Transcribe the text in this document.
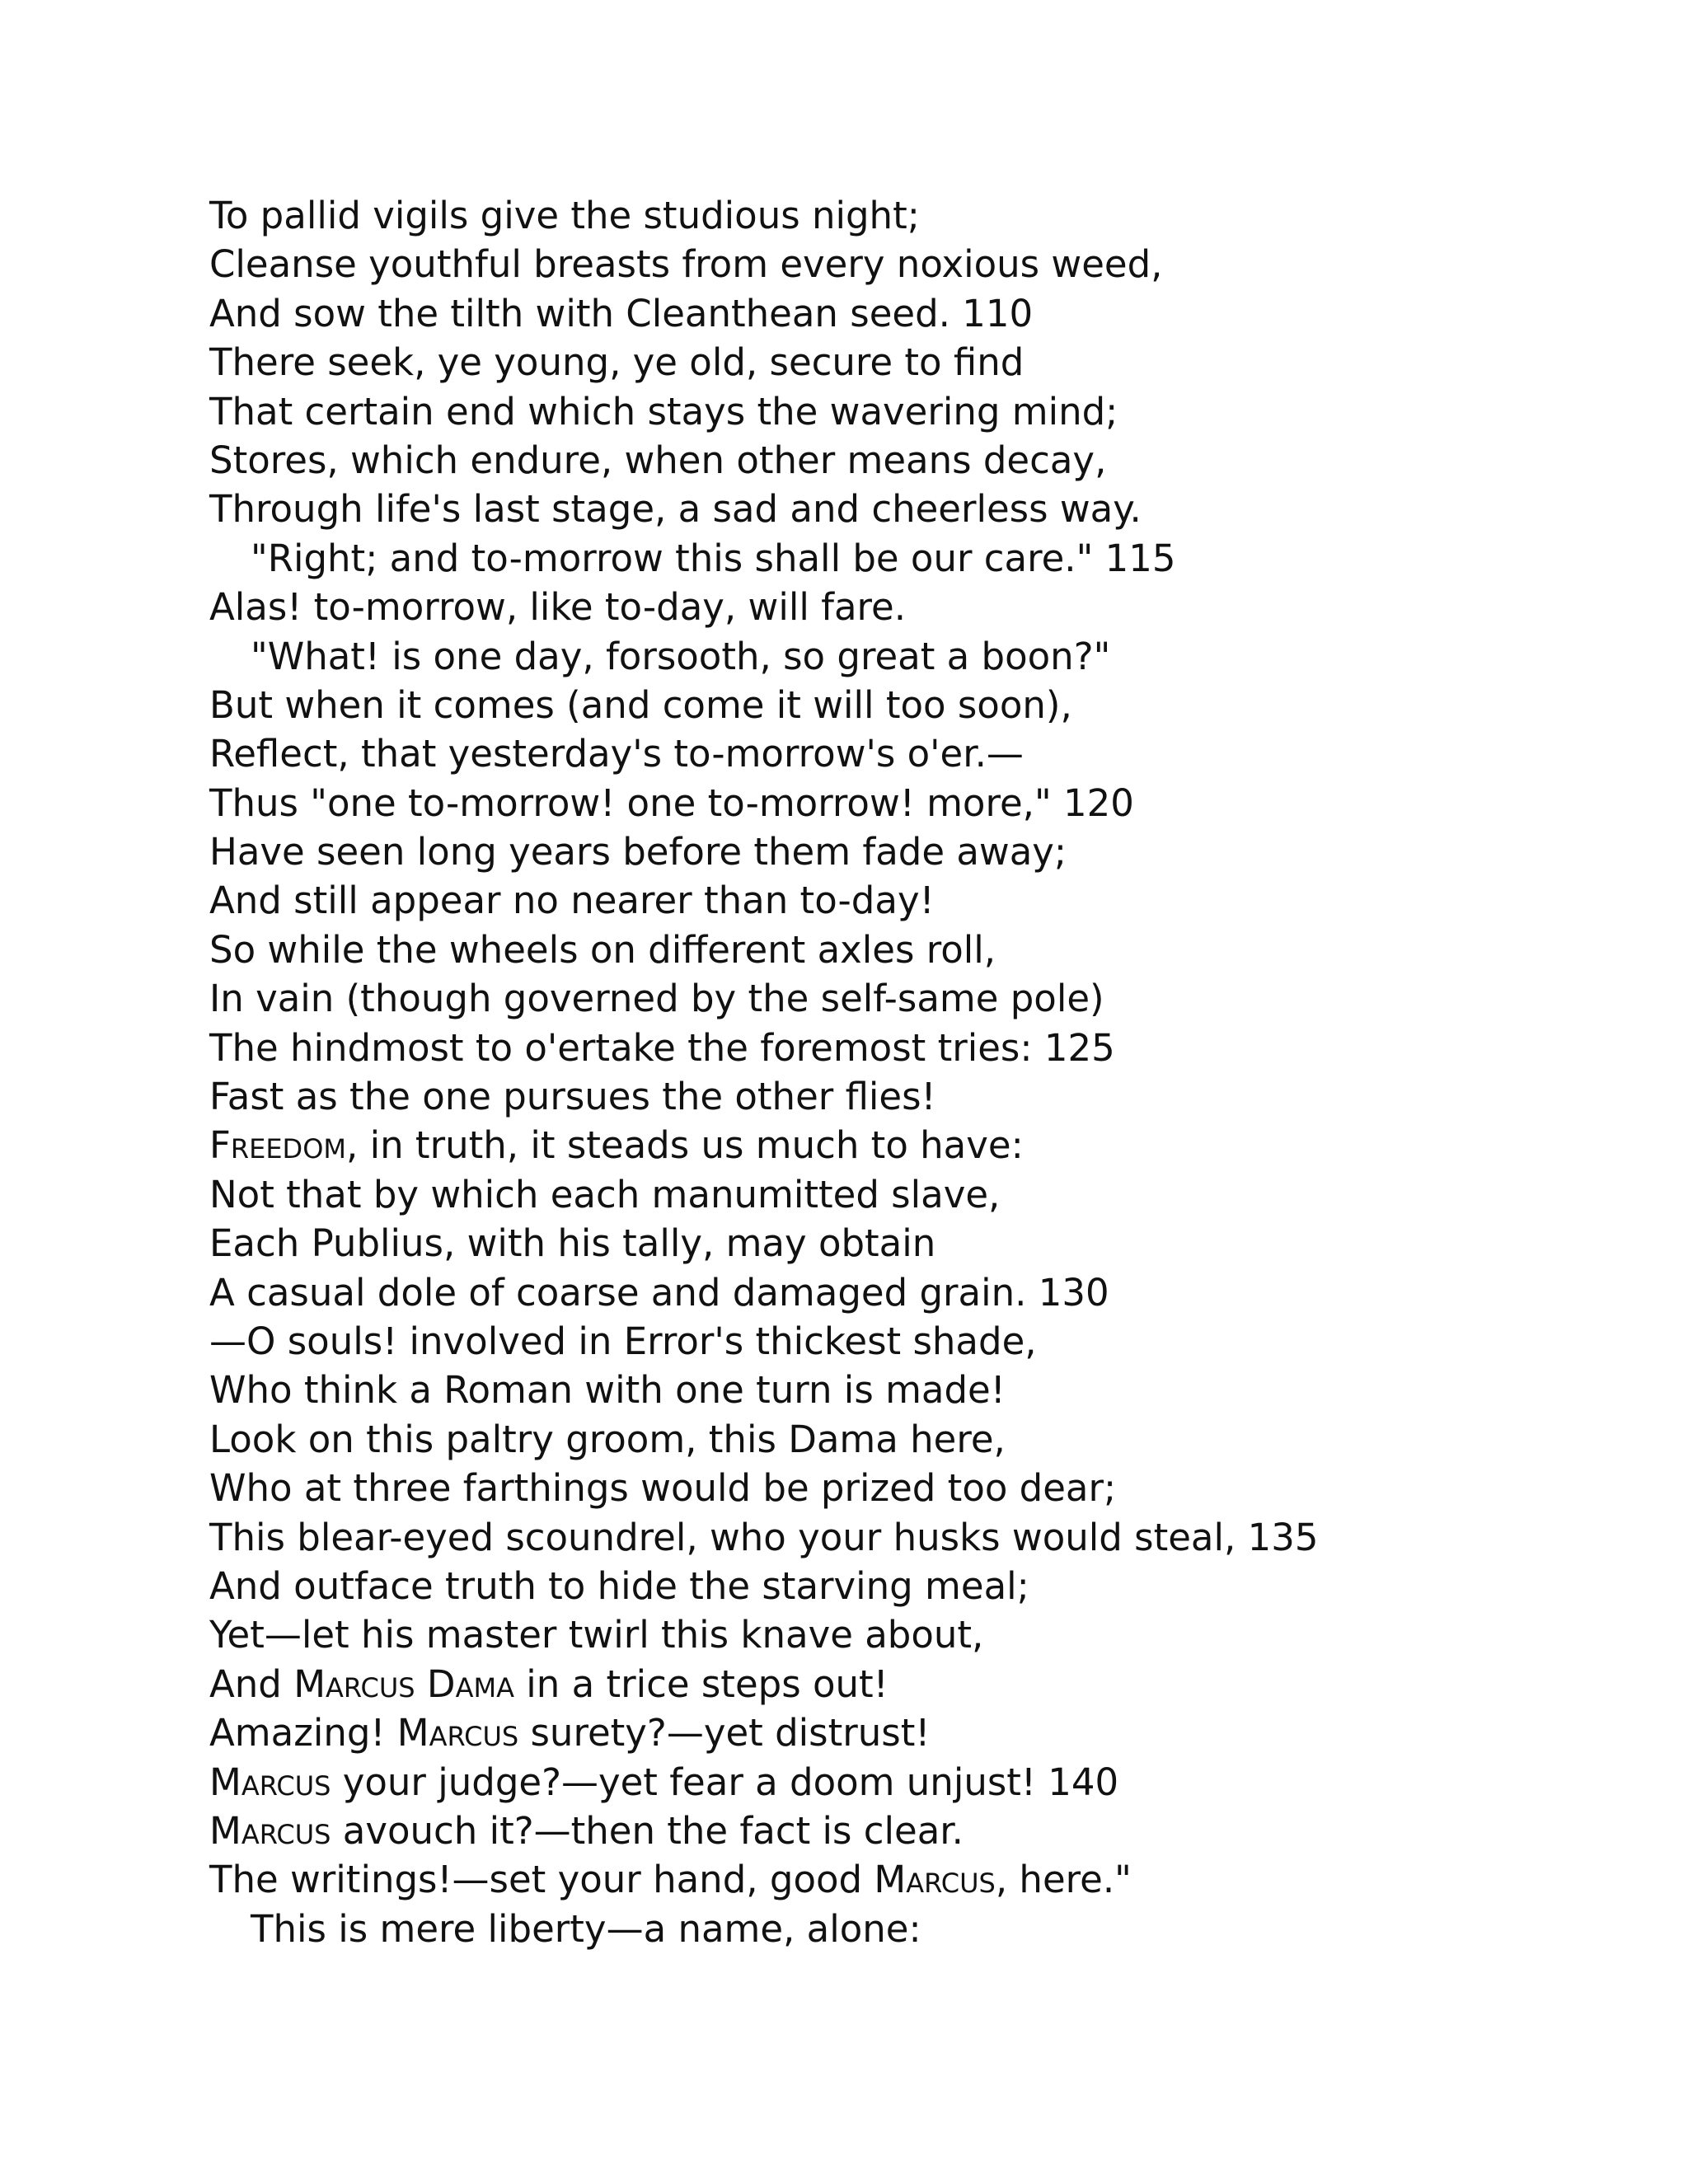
To pallid vigils give the studious night;
Cleanse youthful breasts from every noxious weed,
And sow the tilth with Cleanthean seed. 110
There seek, ye young, ye old, secure to find
That certain end which stays the wavering mind;
Stores, which endure, when other means decay,
Through life's last stage, a sad and cheerless way.
"Right; and to-morrow this shall be our care." 115
Alas! to-morrow, like to-day, will fare.
"What! is one day, forsooth, so great a boon?"
But when it comes (and come it will too soon),
Reflect, that yesterday's to-morrow's o'er.—
Thus "one to-morrow! one to-morrow! more," 120
Have seen long years before them fade away;
And still appear no nearer than to-day!
So while the wheels on different axles roll,
In vain (though governed by the self-same pole)
The hindmost to o'ertake the foremost tries: 125
Fast as the one pursues the other flies!
Freedom, in truth, it steads us much to have:
Not that by which each manumitted slave,
Each Publius, with his tally, may obtain
A casual dole of coarse and damaged grain. 130
—O souls! involved in Error's thickest shade,
Who think a Roman with one turn is made!
Look on this paltry groom, this Dama here,
Who at three farthings would be prized too dear;
This blear-eyed scoundrel, who your husks would steal, 135
And outface truth to hide the starving meal;
Yet—let his master twirl this knave about,
And Marcus Dama in a trice steps out!
Amazing! Marcus surety?—yet distrust!
Marcus your judge?—yet fear a doom unjust! 140
Marcus avouch it?—then the fact is clear.
The writings!—set your hand, good Marcus, here."
This is mere liberty—a name, alone:
